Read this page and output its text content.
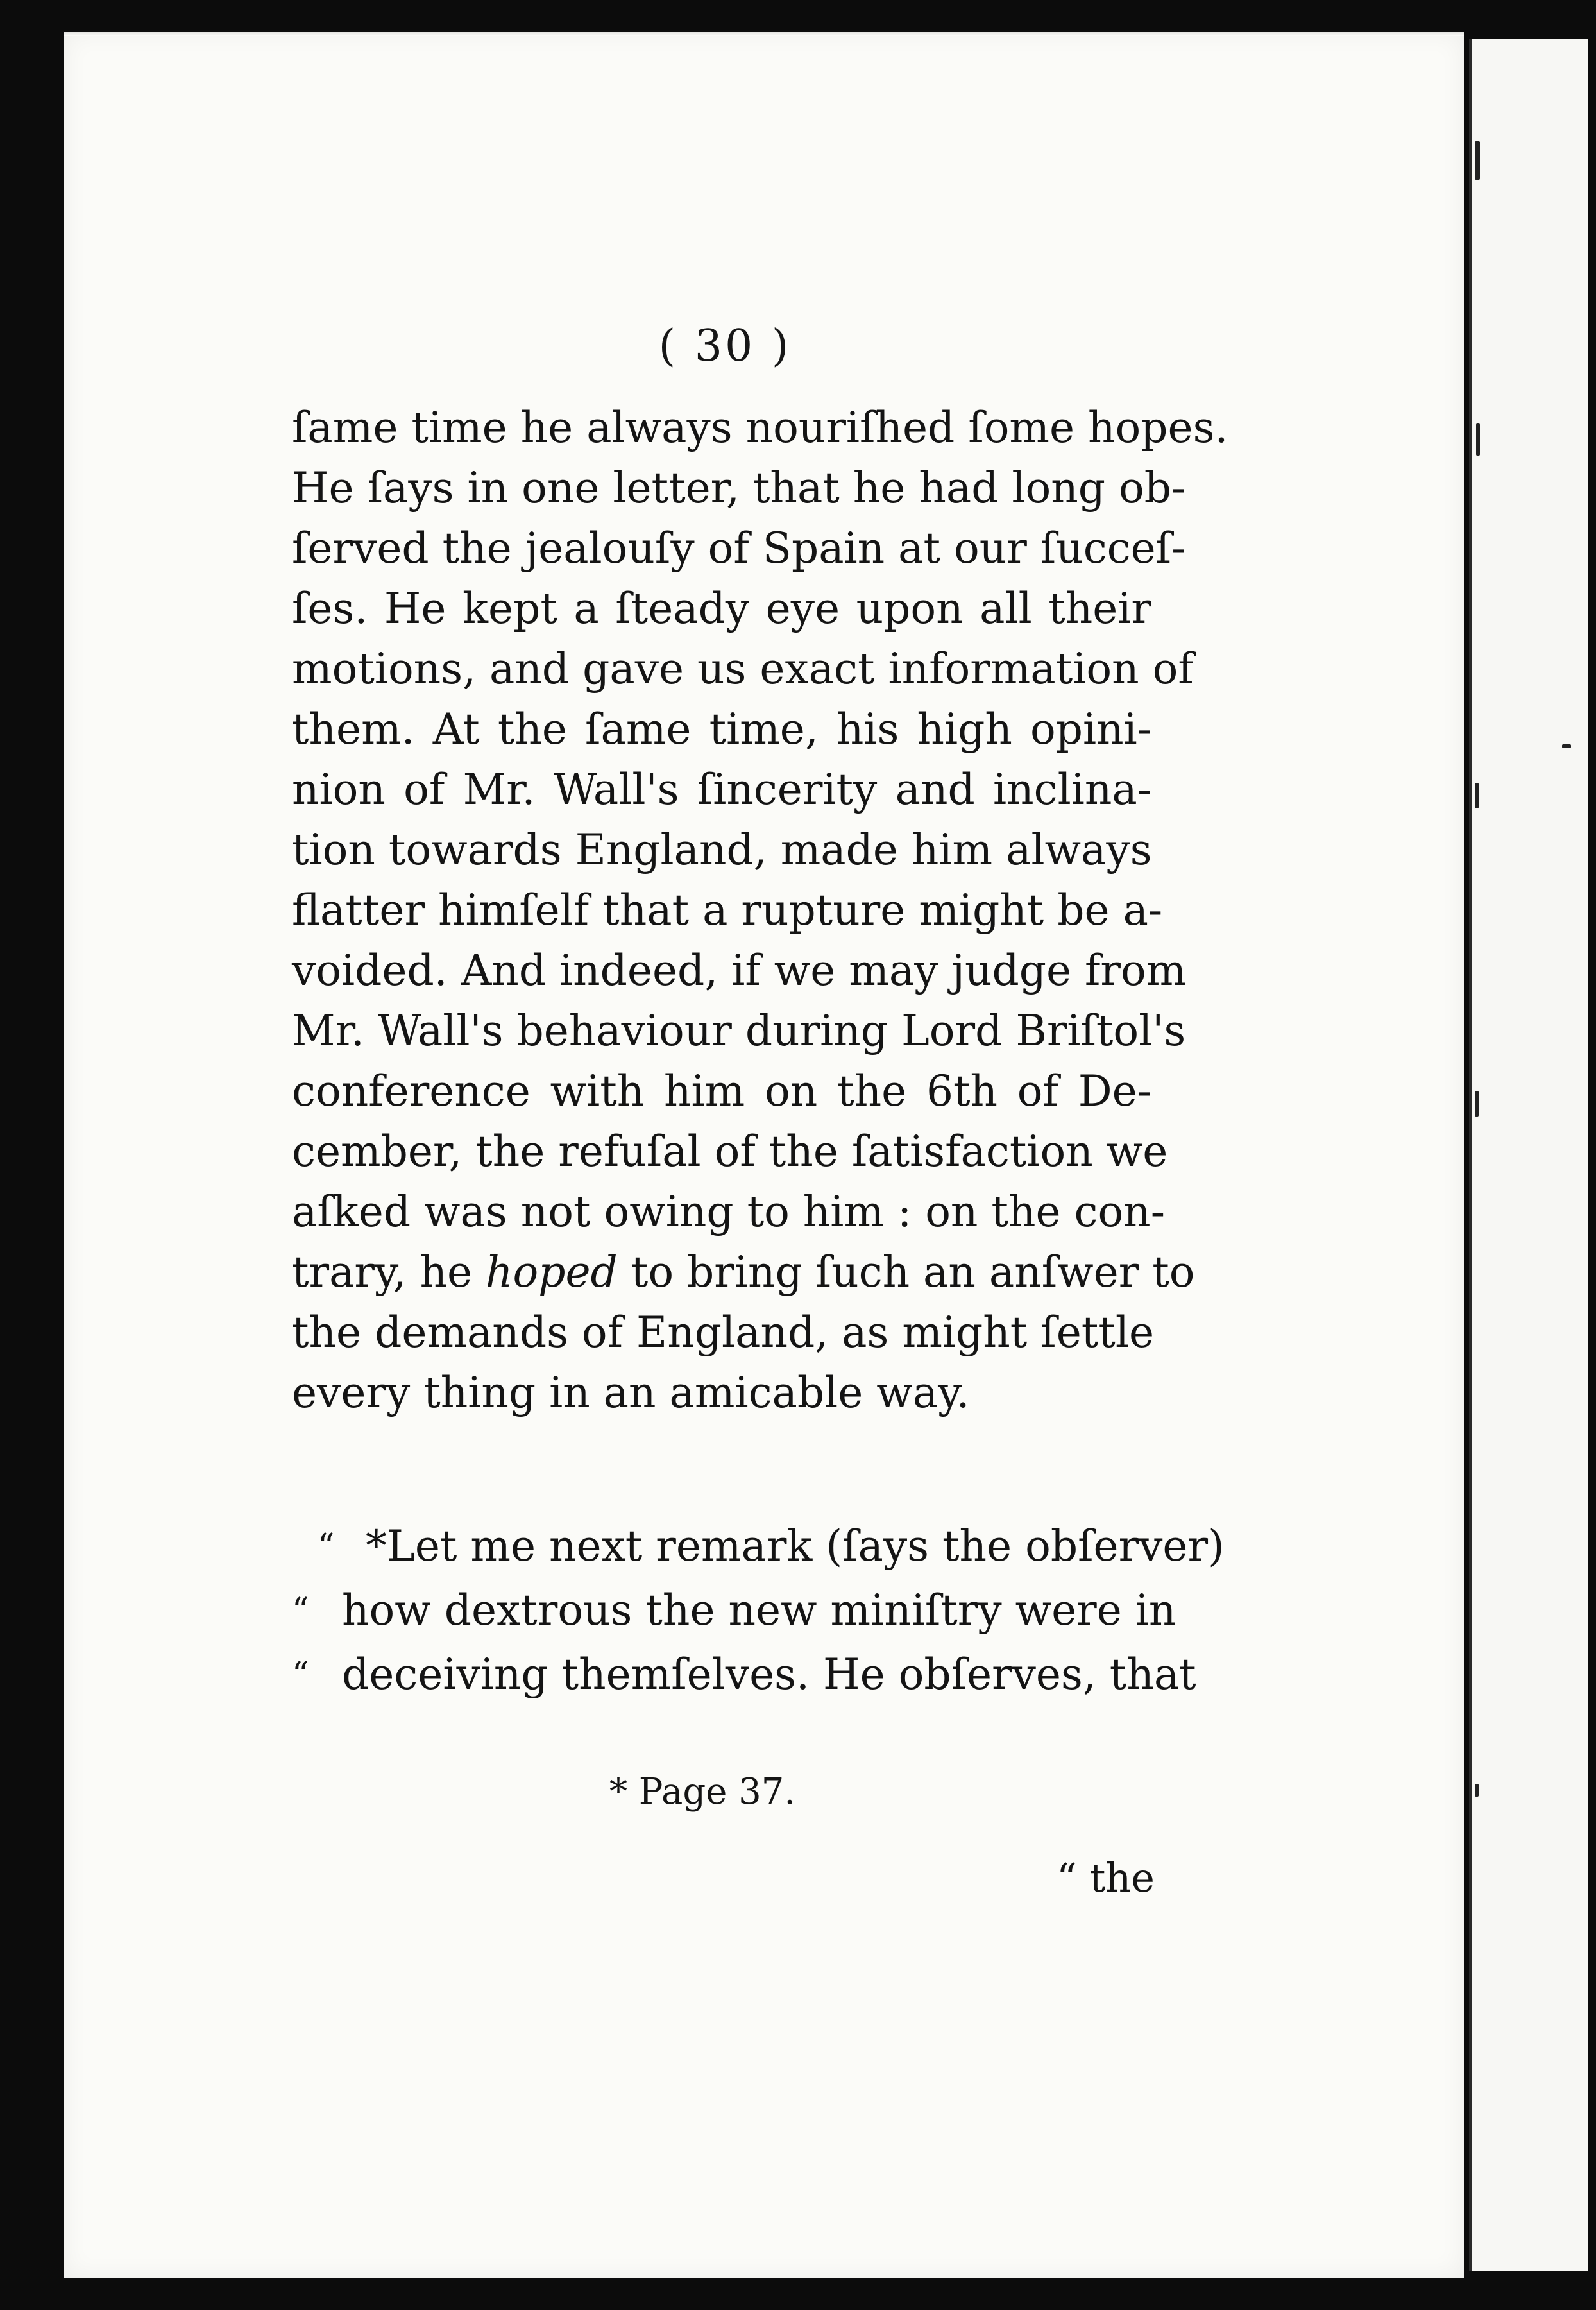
( 30 )
ſame time he always nouriſhed ſome hopes.
He ſays in one letter, that he had long ob-
ſerved the jealouſy of Spain at our ſucceſ-
ſes. He kept a ſteady eye upon all their
motions, and gave us exact information of
them. At the ſame time, his high opini-
nion of Mr. Wall's ſincerity and inclina-
tion towards England, made him always
flatter himſelf that a rupture might be a-
voided. And indeed, if we may judge from
Mr. Wall's behaviour during Lord Briſtol's
conference with him on the 6th of De-
cember, the refuſal of the ſatisfaction we
aſked was not owing to him : on the con-
trary, he hoped to bring ſuch an anſwer to
the demands of England, as might ſettle
every thing in an amicable way.
“ *Let me next remark (ſays the obſerver)
“ how dextrous the new miniſtry were in
“ deceiving themſelves. He obſerves, that
* Page 37.
“ the
